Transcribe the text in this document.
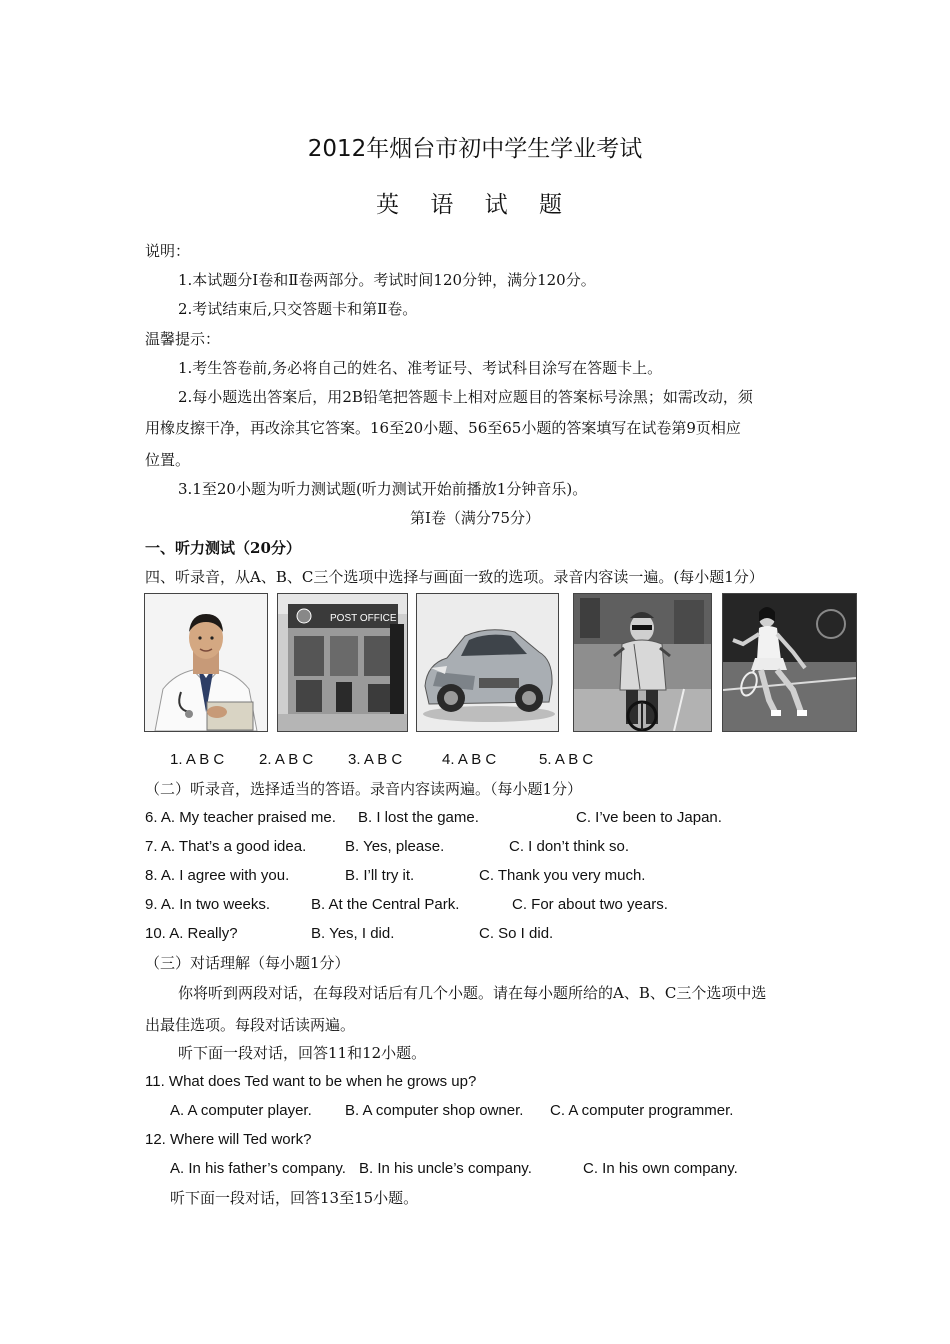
2012年烟台市初中学生学业考试
英 语 试 题
说明：
1.本试题分Ⅰ卷和Ⅱ卷两部分。考试时间120分钟，满分120分。
2.考试结束后,只交答题卡和第Ⅱ卷。
温馨提示：
1.考生答卷前,务必将自己的姓名、准考证号、考试科目涂写在答题卡上。
2.每小题选出答案后，用2B铅笔把答题卡上相对应题目的答案标号涂黑；如需改动，须
用橡皮擦干净，再改涂其它答案。16至20小题、56至65小题的答案填写在试卷第9页相应
位置。
3.1至20小题为听力测试题(听力测试开始前播放1分钟音乐)。
第Ⅰ卷（满分75分）
一、听力测试（20分）
四、听录音，从A、B、C三个选项中选择与画面一致的选项。录音内容读一遍。(每小题1分）
POST OFFICE
1. A B C 2. A B C 3. A B C	4. A B C	5. A B C
（二）听录音，选择适当的答语。录音内容读两遍。（每小题1分）
6. A. My teacher praised me. B. I lost the game.	C. I’ve been to Japan.
7. A. That’s a good idea.	B. Yes, please.	C. I don’t think so.
8. A. I agree with you.	B. I’ll try it.	C. Thank you very much.
9. A. In two weeks.	B. At the Central Park.	C. For about two years.
10. A. Really?	B. Yes, I did.	C. So I did.
（三）对话理解（每小题1分）
你将听到两段对话，在每段对话后有几个小题。请在每小题所给的A、B、C三个选项中选
出最佳选项。每段对话读两遍。
听下面一段对话，回答11和12小题。
11. What does Ted want to be when he grows up?
A. A computer player. B. A computer shop owner. C. A computer programmer.
12. Where will Ted work?
A. In his father’s company. B. In his uncle’s company.	C. In his own company.
听下面一段对话，回答13至15小题。
